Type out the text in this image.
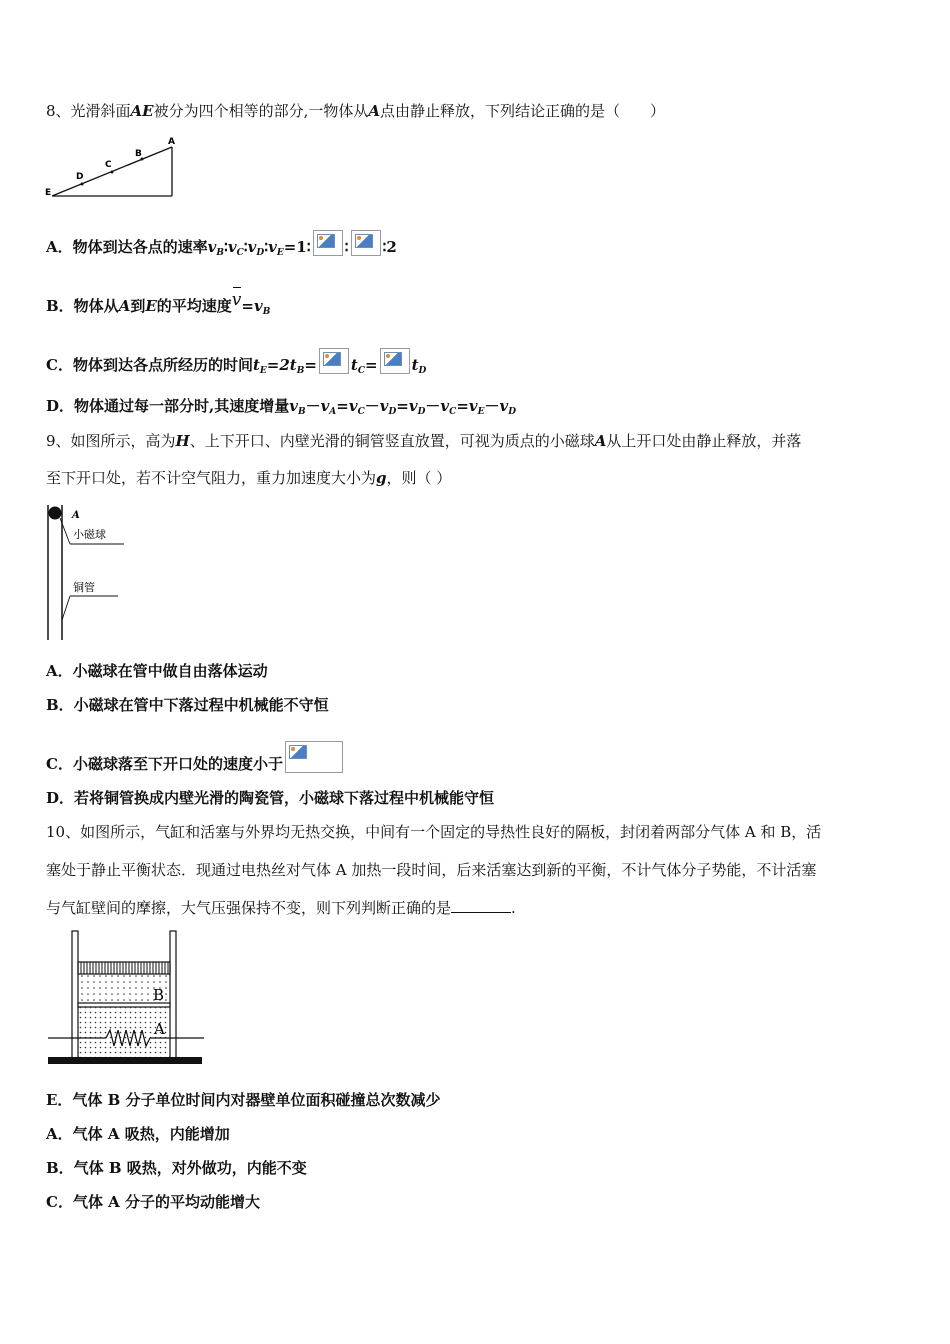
8、光滑斜面AE被分为四个相等的部分,一物体从A点由静止释放，下列结论正确的是（　　）
A
B
C
D
E
A．物体到达各点的速率$v_B∶v_C∶v_D∶v_E=1∶$ ∶ ∶2
B．物体从A到E的平均速度$v=v_B$
C．物体到达各点所经历的时间$t_E=2t_B= t_C= t_D$
D．物体通过每一部分时,其速度增量$v_B-v_A=v_C-v_D=v_D-v_C=v_E-v_D$
9、如图所示，高为H、上下开口、内壁光滑的铜管竖直放置，可视为质点的小磁球A从上开口处由静止释放，并落
至下开口处，若不计空气阻力，重力加速度大小为g，则（ ）
A
小磁球
铜管
A．小磁球在管中做自由落体运动
B．小磁球在管中下落过程中机械能不守恒
C．小磁球落至下开口处的速度小于
D．若将铜管换成内壁光滑的陶瓷管，小磁球下落过程中机械能守恒
10、如图所示，气缸和活塞与外界均无热交换，中间有一个固定的导热性良好的隔板，封闭着两部分气体 A 和 B，活
塞处于静止平衡状态．现通过电热丝对气体 A 加热一段时间，后来活塞达到新的平衡，不计气体分子势能，不计活塞
与气缸壁间的摩擦，大气压强保持不变，则下列判断正确的是	.
B
A
E．气体 B 分子单位时间内对器壁单位面积碰撞总次数减少
A．气体 A 吸热，内能增加
B．气体 B 吸热，对外做功，内能不变
C．气体 A 分子的平均动能增大
